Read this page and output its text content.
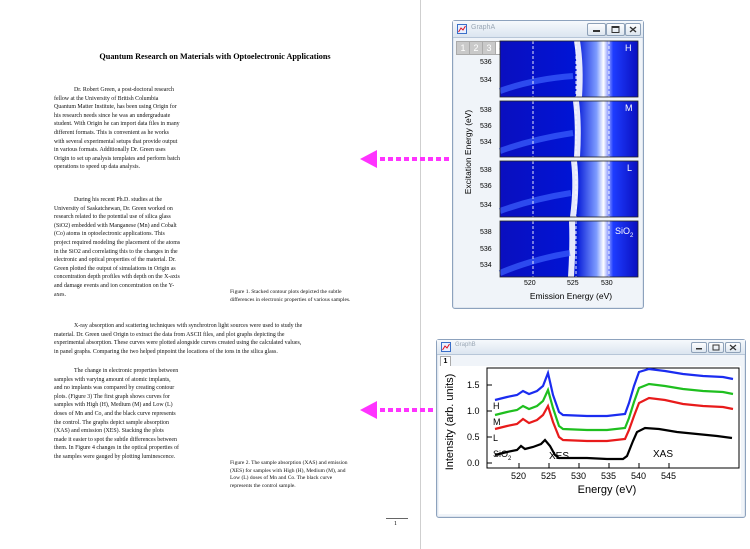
Quantum Research on Materials with Optoelectronic Applications
Dr. Robert Green, a post-doctoral research
fellow at the University of British Columbia
Quantum Matter Institute, has been using Origin for
his research needs since he was an undergraduate
student. With Origin he can import data files in many
different formats. This is convenient as he works
with several experimental setups that provide output
in various formats. Additionally Dr. Green uses
Origin to set up analysis templates and perform batch
operations to speed up data analysis.
During his recent Ph.D. studies at the
University of Saskatchewan, Dr. Green worked on
research related to the potential use of silica glass
(SiO2) embedded with Manganese (Mn) and Cobalt
(Co) atoms in optoelectronic applications. This
project required modeling the placement of the atoms
in the SiO2 and correlating this to the changes in the
electronic and optical properties of the material. Dr.
Green plotted the output of simulations in Origin as
concentration depth profiles with depth on the X-axis
and damage events and ion concentration on the Y-
axes.	Figure 1. Stacked contour plots depicted the subtle
differences in electronic properties of various samples.
X-ray absorption and scattering techniques with synchrotron light sources were used to study the
material. Dr. Green used Origin to extract the data from ASCII files, and plot graphs depicting the
experimental absorption. These curves were plotted alongside curves created using the calculated values,
in panel graphs. Comparing the two helped pinpoint the locations of the ions in the silica glass.
The change in electronic properties between
samples with varying amount of atomic implants,
and no implants was compared by creating contour
plots. (Figure 3) The first graph shows curves for
samples with High (H), Medium (M) and Low (L)
doses of Mn and Co, and the black curve represents
the control. The graphs depict sample absorption
(XAS) and emission (XES). Stacking the plots
made it easier to spot the subtle differences between
them. In Figure 4 changes in the optical properties of
the samples were gauged by plotting luminescence.
Figure 2. The sample absorption (XAS) and emission
(XES) for samples with High (H), Medium (M), and
Low (L) doses of Mn and Co. The black curve
represents the control sample.
1
GraphA
1 2 3	H
M
L
SiO$_2$
536
534
538
536
534
538
536
534
538
536
534
Excitation Energy (eV)
520	525	530
Emission Energy (eV)
GraphB
1
H
M
L
SiO$_2$	XES	XAS
1.5
1.0
0.5
0.0
Intensity (arb. units)
520 525 530 535 540 545
Energy (eV)
